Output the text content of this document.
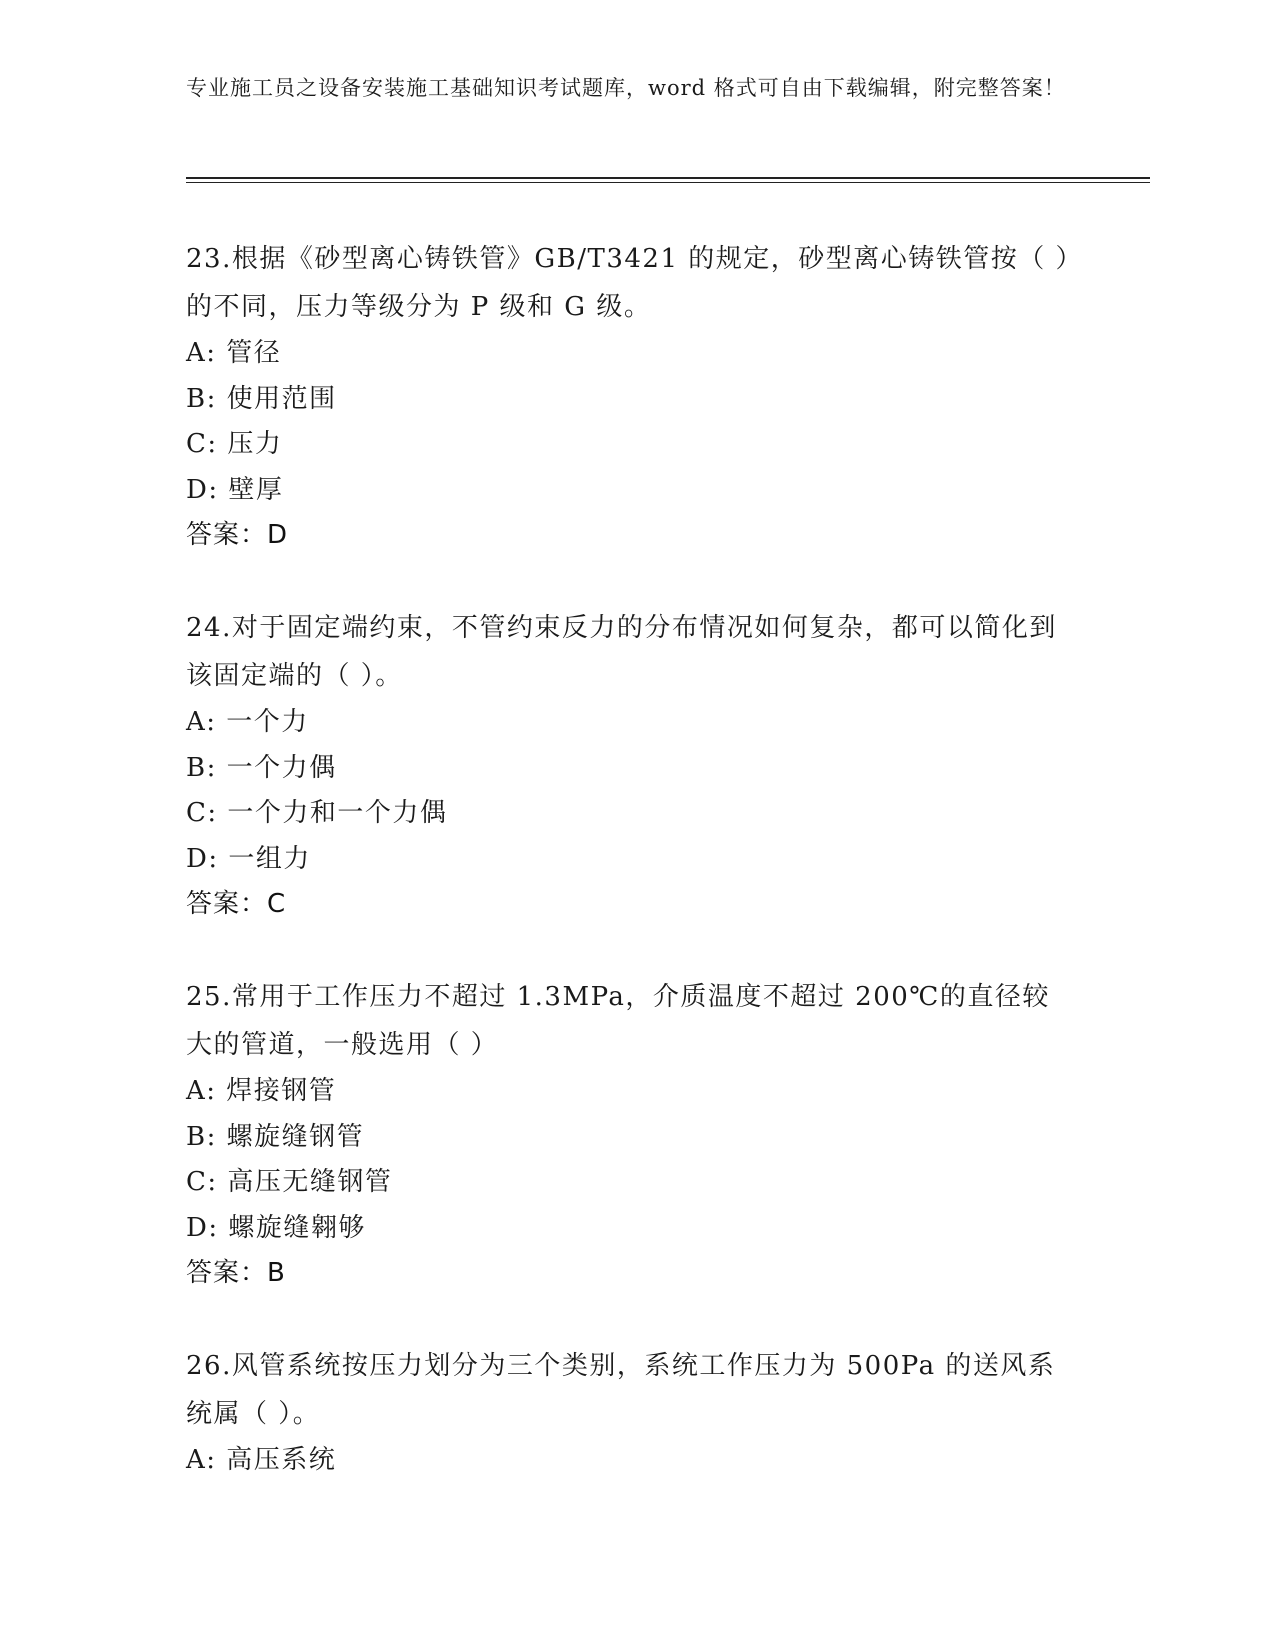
专业施工员之设备安装施工基础知识考试题库，word 格式可自由下载编辑，附完整答案！
23.根据《砂型离心铸铁管》GB/T3421 的规定，砂型离心铸铁管按（ ）的不同，压力等级分为 P 级和 G 级。
A: 管径
B: 使用范围
C: 压力
D: 壁厚
答案：D
24.对于固定端约束，不管约束反力的分布情况如何复杂，都可以简化到该固定端的（ ）。
A: 一个力
B: 一个力偶
C: 一个力和一个力偶
D: 一组力
答案：C
25.常用于工作压力不超过 1.3MPa，介质温度不超过 200℃的直径较大的管道，一般选用（ ）
A: 焊接钢管
B: 螺旋缝钢管
C: 高压无缝钢管
D: 螺旋缝翱够
答案：B
26.风管系统按压力划分为三个类别，系统工作压力为 500Pa 的送风系统属（ ）。
A: 高压系统
